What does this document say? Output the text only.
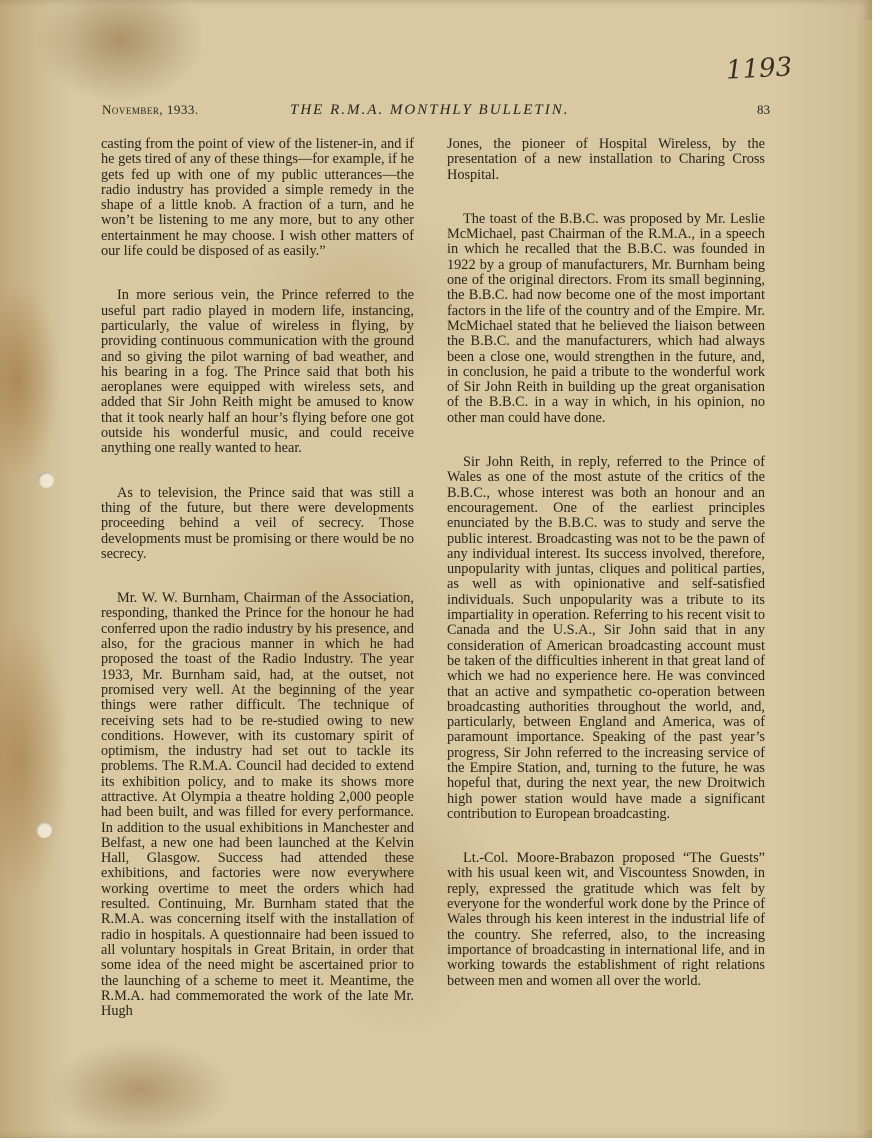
1193
November, 1933.	THE R.M.A. MONTHLY BULLETIN.	83

casting from the point of view of the listener-in, and if he gets tired of any of these things—for example, if he gets fed up with one of my public utterances—the radio industry has provided a simple remedy in the shape of a little knob. A fraction of a turn, and he won’t be listening to me any more, but to any other entertainment he may choose. I wish other matters of our life could be disposed of as easily.”

In more serious vein, the Prince referred to the useful part radio played in modern life, instancing, particularly, the value of wireless in flying, by providing continuous communication with the ground and so giving the pilot warning of bad weather, and his bearing in a fog. The Prince said that both his aeroplanes were equipped with wireless sets, and added that Sir John Reith might be amused to know that it took nearly half an hour’s flying before one got outside his wonderful music, and could receive anything one really wanted to hear.

As to television, the Prince said that was still a thing of the future, but there were developments proceeding behind a veil of secrecy. Those developments must be promising or there would be no secrecy.

Mr. W. W. Burnham, Chairman of the Association, responding, thanked the Prince for the honour he had conferred upon the radio industry by his presence, and also, for the gracious manner in which he had proposed the toast of the Radio Industry. The year 1933, Mr. Burnham said, had, at the outset, not promised very well. At the beginning of the year things were rather difficult. The technique of receiving sets had to be re-studied owing to new conditions. However, with its customary spirit of optimism, the industry had set out to tackle its problems. The R.M.A. Council had decided to extend its exhibition policy, and to make its shows more attractive. At Olympia a theatre holding 2,000 people had been built, and was filled for every performance. In addition to the usual exhibitions in Manchester and Belfast, a new one had been launched at the Kelvin Hall, Glasgow. Success had attended these exhibitions, and factories were now everywhere working overtime to meet the orders which had resulted. Continuing, Mr. Burnham stated that the R.M.A. was concerning itself with the installation of radio in hospitals. A questionnaire had been issued to all voluntary hospitals in Great Britain, in order that some idea of the need might be ascertained prior to the launching of a scheme to meet it. Meantime, the R.M.A. had commemorated the work of the late Mr. Hugh

Jones, the pioneer of Hospital Wireless, by the presentation of a new installation to Charing Cross Hospital.

The toast of the B.B.C. was proposed by Mr. Leslie McMichael, past Chairman of the R.M.A., in a speech in which he recalled that the B.B.C. was founded in 1922 by a group of manufacturers, Mr. Burnham being one of the original directors. From its small beginning, the B.B.C. had now become one of the most important factors in the life of the country and of the Empire. Mr. McMichael stated that he believed the liaison between the B.B.C. and the manufacturers, which had always been a close one, would strengthen in the future, and, in conclusion, he paid a tribute to the wonderful work of Sir John Reith in building up the great organisation of the B.B.C. in a way in which, in his opinion, no other man could have done.

Sir John Reith, in reply, referred to the Prince of Wales as one of the most astute of the critics of the B.B.C., whose interest was both an honour and an encouragement. One of the earliest principles enunciated by the B.B.C. was to study and serve the public interest. Broadcasting was not to be the pawn of any individual interest. Its success involved, therefore, unpopularity with juntas, cliques and political parties, as well as with opinionative and self-satisfied individuals. Such unpopularity was a tribute to its impartiality in operation. Referring to his recent visit to Canada and the U.S.A., Sir John said that in any consideration of American broadcasting account must be taken of the difficulties inherent in that great land of which we had no experience here. He was convinced that an active and sympathetic co-operation between broadcasting authorities throughout the world, and, particularly, between England and America, was of paramount importance. Speaking of the past year’s progress, Sir John referred to the increasing service of the Empire Station, and, turning to the future, he was hopeful that, during the next year, the new Droitwich high power station would have made a significant contribution to European broadcasting.

Lt.-Col. Moore-Brabazon proposed “The Guests” with his usual keen wit, and Viscountess Snowden, in reply, expressed the gratitude which was felt by everyone for the wonderful work done by the Prince of Wales through his keen interest in the industrial life of the country. She referred, also, to the increasing importance of broadcasting in international life, and in working towards the establishment of right relations between men and women all over the world.
